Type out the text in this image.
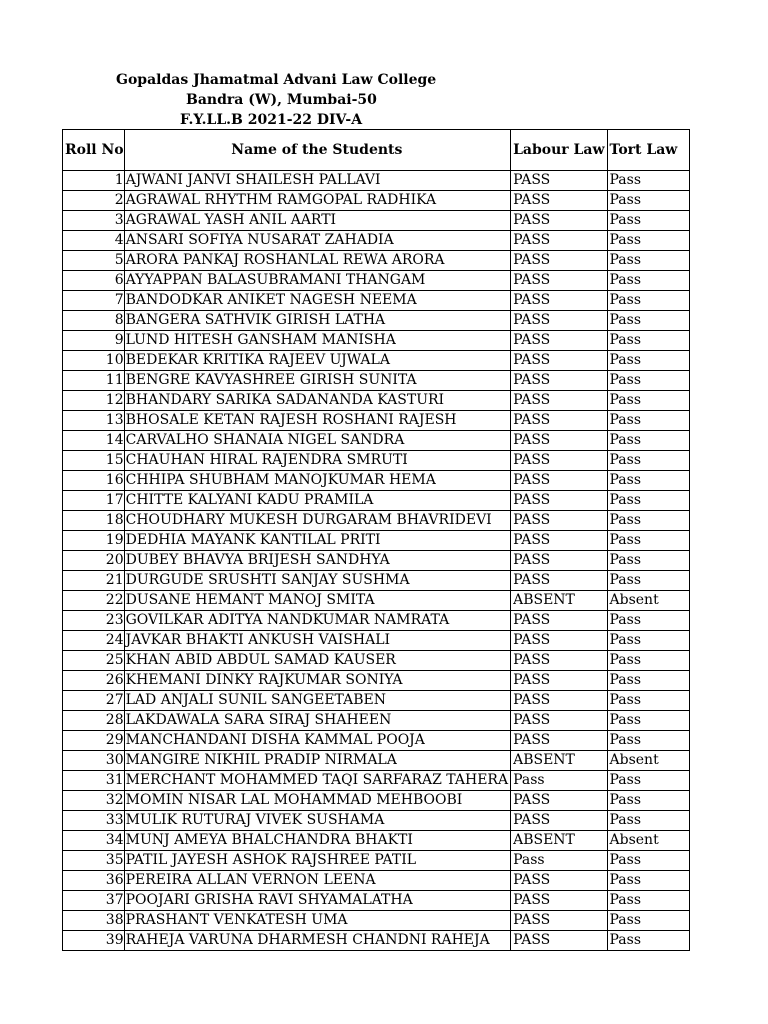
Gopaldas Jhamatmal Advani Law College
Bandra (W), Mumbai-50
F.Y.LL.B 2021-22 DIV-A
Roll No	Name of the Students	Labour Law	Tort Law
1	AJWANI JANVI SHAILESH PALLAVI	PASS	Pass
2	AGRAWAL RHYTHM RAMGOPAL RADHIKA	PASS	Pass
3	AGRAWAL YASH ANIL AARTI	PASS	Pass
4	ANSARI SOFIYA NUSARAT ZAHADIA	PASS	Pass
5	ARORA PANKAJ ROSHANLAL REWA ARORA	PASS	Pass
6	AYYAPPAN BALASUBRAMANI THANGAM	PASS	Pass
7	BANDODKAR ANIKET NAGESH NEEMA	PASS	Pass
8	BANGERA SATHVIK GIRISH LATHA	PASS	Pass
9	LUND HITESH GANSHAM MANISHA	PASS	Pass
10	BEDEKAR KRITIKA RAJEEV UJWALA	PASS	Pass
11	BENGRE KAVYASHREE GIRISH SUNITA	PASS	Pass
12	BHANDARY SARIKA SADANANDA KASTURI	PASS	Pass
13	BHOSALE KETAN RAJESH ROSHANI RAJESH	PASS	Pass
14	CARVALHO SHANAIA NIGEL SANDRA	PASS	Pass
15	CHAUHAN HIRAL RAJENDRA SMRUTI	PASS	Pass
16	CHHIPA SHUBHAM MANOJKUMAR HEMA	PASS	Pass
17	CHITTE KALYANI KADU PRAMILA	PASS	Pass
18	CHOUDHARY MUKESH DURGARAM BHAVRIDEVI	PASS	Pass
19	DEDHIA MAYANK KANTILAL PRITI	PASS	Pass
20	DUBEY BHAVYA BRIJESH SANDHYA	PASS	Pass
21	DURGUDE SRUSHTI SANJAY SUSHMA	PASS	Pass
22	DUSANE HEMANT MANOJ SMITA	ABSENT	Absent
23	GOVILKAR ADITYA NANDKUMAR NAMRATA	PASS	Pass
24	JAVKAR BHAKTI ANKUSH VAISHALI	PASS	Pass
25	KHAN ABID ABDUL SAMAD KAUSER	PASS	Pass
26	KHEMANI DINKY RAJKUMAR SONIYA	PASS	Pass
27	LAD ANJALI SUNIL SANGEETABEN	PASS	Pass
28	LAKDAWALA SARA SIRAJ SHAHEEN	PASS	Pass
29	MANCHANDANI DISHA KAMMAL POOJA	PASS	Pass
30	MANGIRE NIKHIL PRADIP NIRMALA	ABSENT	Absent
31	MERCHANT MOHAMMED TAQI SARFARAZ TAHERA	Pass	Pass
32	MOMIN NISAR LAL MOHAMMAD MEHBOOBI	PASS	Pass
33	MULIK RUTURAJ VIVEK SUSHAMA	PASS	Pass
34	MUNJ AMEYA BHALCHANDRA BHAKTI	ABSENT	Absent
35	PATIL JAYESH ASHOK RAJSHREE PATIL	Pass	Pass
36	PEREIRA ALLAN VERNON LEENA	PASS	Pass
37	POOJARI GRISHA RAVI SHYAMALATHA	PASS	Pass
38	PRASHANT VENKATESH UMA	PASS	Pass
39	RAHEJA VARUNA DHARMESH CHANDNI RAHEJA	PASS	Pass
